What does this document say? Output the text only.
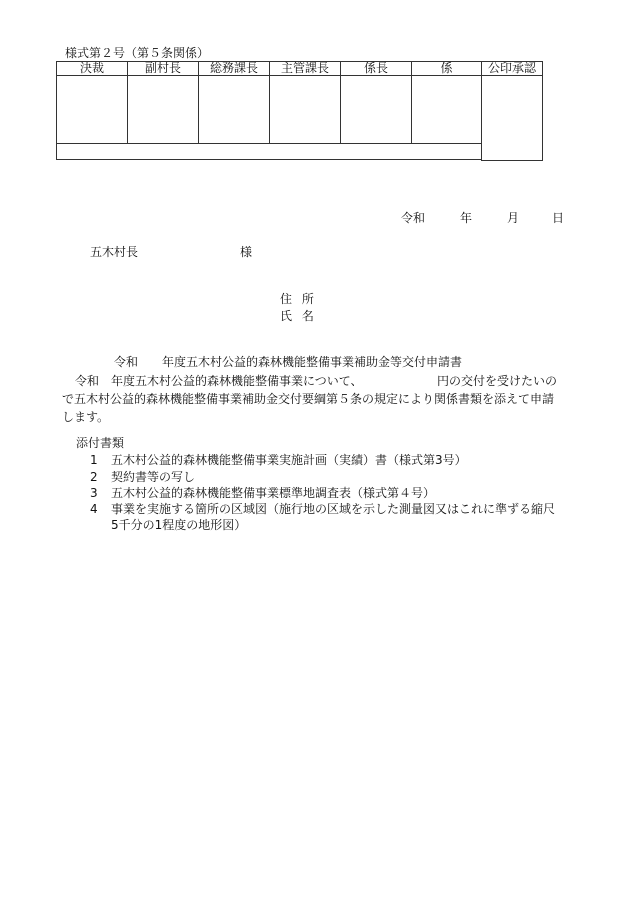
様式第２号（第５条関係）
決裁	副村長	総務課長	主管課長	係長	係	公印承認
令和	年	月	日
五木村長	様
住 所
氏 名
令和　　年度五木村公益的森林機能整備事業補助金等交付申請書
令和　年度五木村公益的森林機能整備事業について、	円の交付を受けたいの
で五木村公益的森林機能整備事業補助金交付要綱第５条の規定により関係書類を添えて申請
します。
添付書類
1 五木村公益的森林機能整備事業実施計画（実績）書（様式第3号）
2 契約書等の写し
3 五木村公益的森林機能整備事業標準地調査表（様式第４号）
4 事業を実施する箇所の区域図（施行地の区域を示した測量図又はこれに準ずる縮尺
5千分の1程度の地形図）
